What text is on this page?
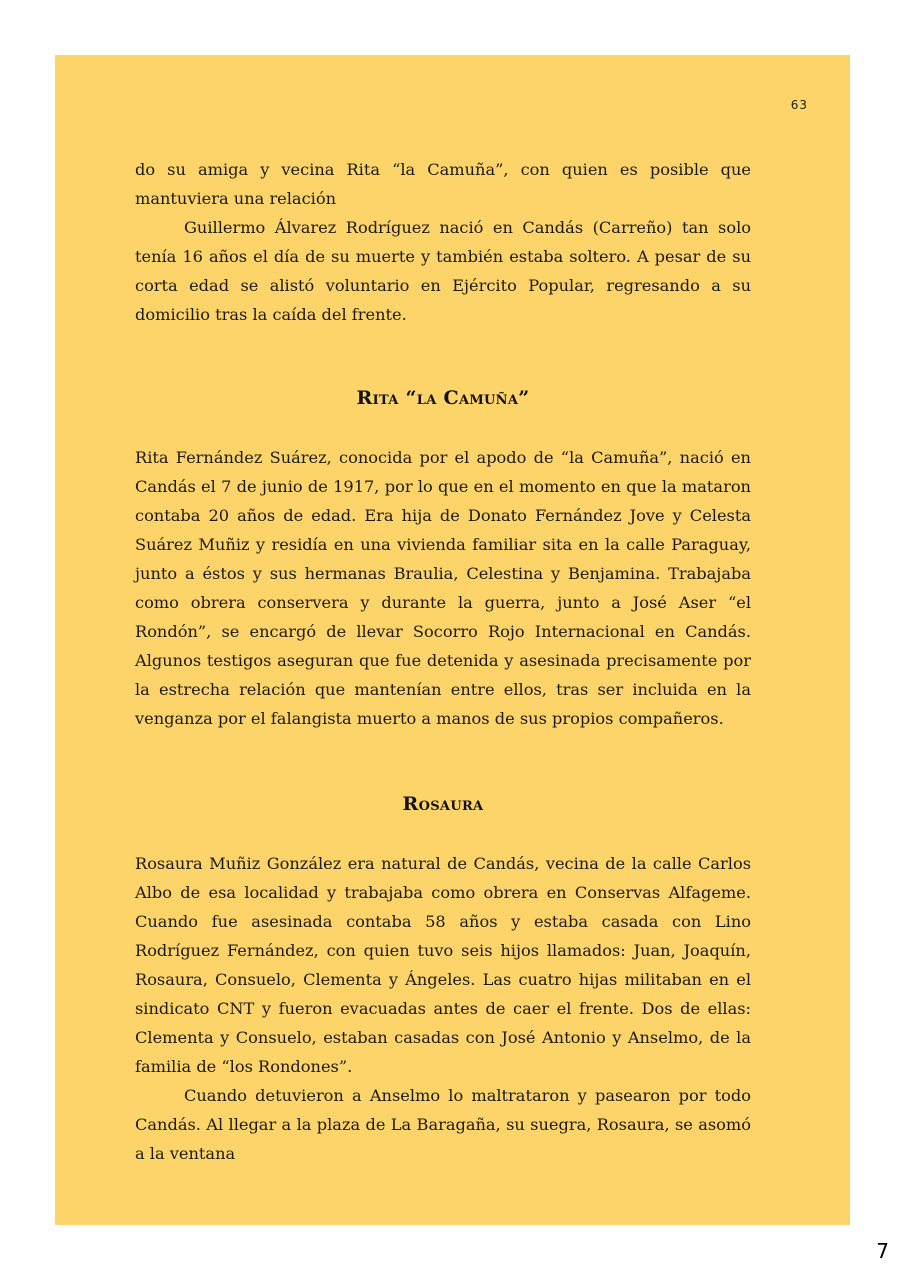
63

do su amiga y vecina Rita “la Camuña”, con quien es posible que mantuviera una relación

Guillermo Álvarez Rodríguez nació en Candás (Carreño) tan solo tenía 16 años el día de su muerte y también estaba soltero. A pesar de su corta edad se alistó voluntario en Ejército Popular, regresando a su domicilio tras la caída del frente.

Rita “la Camuña”

Rita Fernández Suárez, conocida por el apodo de “la Camuña”, nació en Candás el 7 de junio de 1917, por lo que en el momento en que la mataron contaba 20 años de edad. Era hija de Donato Fernández Jove y Celesta Suárez Muñiz y residía en una vivienda familiar sita en la calle Paraguay, junto a éstos y sus hermanas Braulia, Celestina y Benjamina. Trabajaba como obrera conservera y durante la guerra, junto a José Aser “el Rondón”, se encargó de llevar Socorro Rojo Internacional en Candás. Algunos testigos aseguran que fue detenida y asesinada precisamente por la estrecha relación que mantenían entre ellos, tras ser incluida en la venganza por el falangista muerto a manos de sus propios compañeros.

Rosaura

Rosaura Muñiz González era natural de Candás, vecina de la calle Carlos Albo de esa localidad y trabajaba como obrera en Conservas Alfageme. Cuando fue asesinada contaba 58 años y estaba casada con Lino Rodríguez Fernández, con quien tuvo seis hijos llamados: Juan, Joaquín, Rosaura, Consuelo, Clementa y Ángeles. Las cuatro hijas militaban en el sindicato CNT y fueron evacuadas antes de caer el frente. Dos de ellas: Clementa y Consuelo, estaban casadas con José Antonio y Anselmo, de la familia de “los Rondones”.

Cuando detuvieron a Anselmo lo maltrataron y pasearon por todo Candás. Al llegar a la plaza de La Baragaña, su suegra, Rosaura, se asomó a la ventana

7
